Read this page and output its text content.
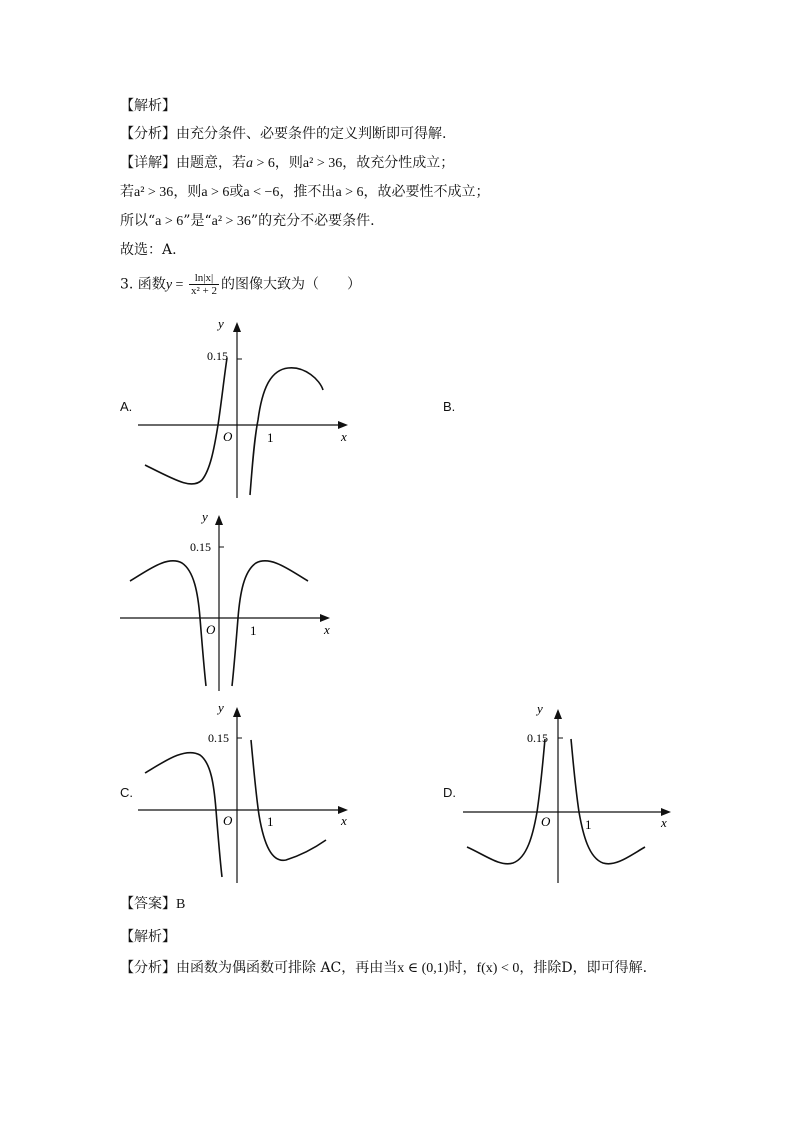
【解析】
【分析】由充分条件、必要条件的定义判断即可得解.
【详解】由题意，若a > 6，则a² > 36，故充分性成立；
若a² > 36，则a > 6或a < −6，推不出a > 6，故必要性不成立；
所以“a > 6”是“a² > 36”的充分不必要条件.
故选：A.
3. 函数$y = \frac{\ln|x|}{\text{x² + 2}}$ 的图像大致为（　　）
A.	B.
C.	D.
0.15
y
x
O	1
0.15
y
x
O	1
0.15
y
x
O	1
0.15
y
x
O	1
【答案】B
【解析】
【分析】由函数为偶函数可排除 AC，再由当x ∈ (0,1)时，f(x) < 0，排除D，即可得解.
